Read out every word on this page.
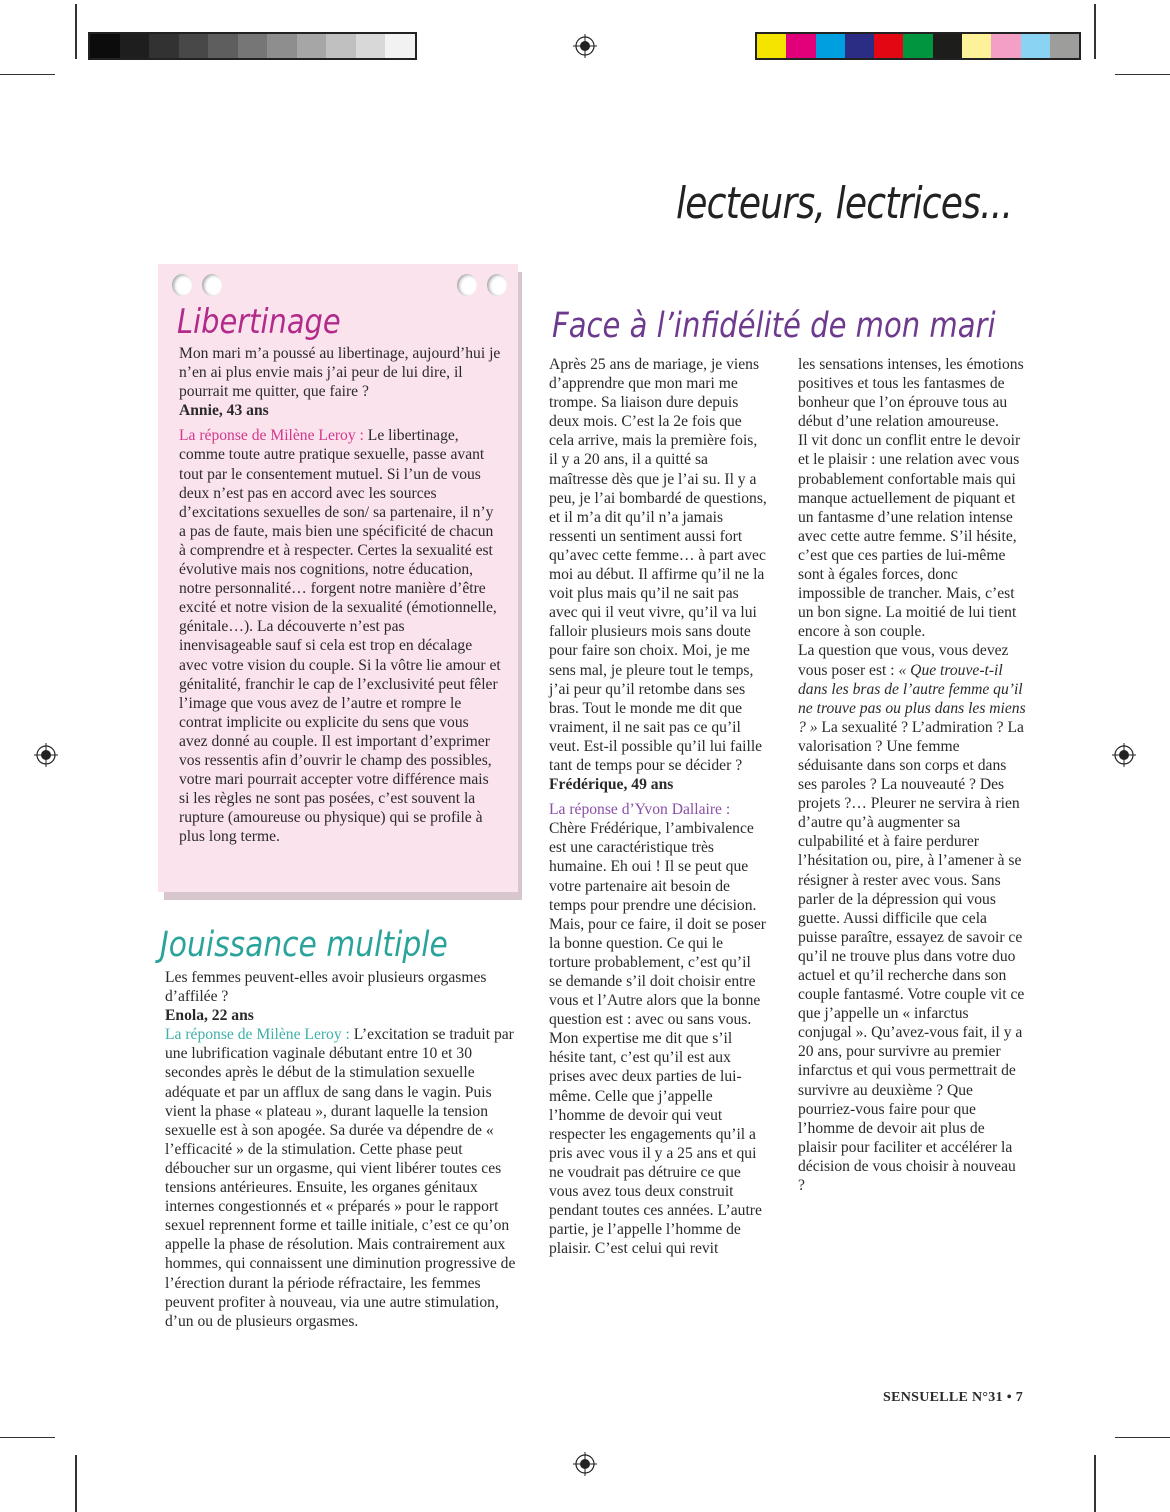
lecteurs, lectrices...
Libertinage

Mon mari m’a poussé au libertinage, aujourd’hui je n’en ai plus envie mais j’ai peur de lui dire, il pourrait me quitter, que faire ?

Annie, 43 ans

La réponse de Milène Leroy : Le libertinage, comme toute autre pratique sexuelle, passe avant tout par le consentement mutuel. Si l’un de vous deux n’est pas en accord avec les sources d’excitations sexuelles de son/ sa partenaire, il n’y a pas de faute, mais bien une spécificité de chacun à comprendre et à respecter. Certes la sexualité est évolutive mais nos cognitions, notre éducation, notre personnalité… forgent notre manière d’être excité et notre vision de la sexualité (émotionnelle, génitale…). La découverte n’est pas inenvisageable sauf si cela est trop en décalage avec votre vision du couple. Si la vôtre lie amour et génitalité, franchir le cap de l’exclusivité peut fêler l’image que vous avez de l’autre et rompre le contrat implicite ou explicite du sens que vous avez donné au couple. Il est important d’exprimer vos ressentis afin d’ouvrir le champ des possibles, votre mari pourrait accepter votre différence mais si les règles ne sont pas posées, c’est souvent la rupture (amoureuse ou physique) qui se profile à plus long terme.

Jouissance multiple

Les femmes peuvent-elles avoir plusieurs orgasmes d’affilée ?

Enola, 22 ans

La réponse de Milène Leroy : L’excitation se traduit par une lubrification vaginale débutant entre 10 et 30 secondes après le début de la stimulation sexuelle adéquate et par un afflux de sang dans le vagin. Puis vient la phase « plateau », durant laquelle la tension sexuelle est à son apogée. Sa durée va dépendre de « l’efficacité » de la stimulation. Cette phase peut déboucher sur un orgasme, qui vient libérer toutes ces tensions antérieures. Ensuite, les organes génitaux internes congestionnés et « préparés » pour le rapport sexuel reprennent forme et taille initiale, c’est ce qu’on appelle la phase de résolution. Mais contrairement aux hommes, qui connaissent une diminution progressive de l’érection durant la période réfractaire, les femmes peuvent profiter à nouveau, via une autre stimulation, d’un ou de plusieurs orgasmes.

Face à l’infidélité de mon mari

Après 25 ans de mariage, je viens d’apprendre que mon mari me trompe. Sa liaison dure depuis deux mois. C’est la 2e fois que cela arrive, mais la première fois, il y a 20 ans, il a quitté sa maîtresse dès que je l’ai su. Il y a peu, je l’ai bombardé de questions, et il m’a dit qu’il n’a jamais ressenti un sentiment aussi fort qu’avec cette femme… à part avec moi au début. Il affirme qu’il ne la voit plus mais qu’il ne sait pas avec qui il veut vivre, qu’il va lui falloir plusieurs mois sans doute pour faire son choix. Moi, je me sens mal, je pleure tout le temps, j’ai peur qu’il retombe dans ses bras. Tout le monde me dit que vraiment, il ne sait pas ce qu’il veut. Est-il possible qu’il lui faille tant de temps pour se décider ?

Frédérique, 49 ans

La réponse d’Yvon Dallaire : Chère Frédérique, l’ambivalence est une caractéristique très humaine. Eh oui ! Il se peut que votre partenaire ait besoin de temps pour prendre une décision. Mais, pour ce faire, il doit se poser la bonne question. Ce qui le torture probablement, c’est qu’il se demande s’il doit choisir entre vous et l’Autre alors que la bonne question est : avec ou sans vous. Mon expertise me dit que s’il hésite tant, c’est qu’il est aux prises avec deux parties de lui-même. Celle que j’appelle l’homme de devoir qui veut respecter les engagements qu’il a pris avec vous il y a 25 ans et qui ne voudrait pas détruire ce que vous avez tous deux construit pendant toutes ces années. L’autre partie, je l’appelle l’homme de plaisir. C’est celui qui revit

les sensations intenses, les émotions positives et tous les fantasmes de bonheur que l’on éprouve tous au début d’une relation amoureuse.

Il vit donc un conflit entre le devoir et le plaisir : une relation avec vous probablement confortable mais qui manque actuellement de piquant et un fantasme d’une relation intense avec cette autre femme. S’il hésite, c’est que ces parties de lui-même sont à égales forces, donc impossible de trancher. Mais, c’est un bon signe. La moitié de lui tient encore à son couple.

La question que vous, vous devez vous poser est : « Que trouve-t-il dans les bras de l’autre femme qu’il ne trouve pas ou plus dans les miens ? » La sexualité ? L’admiration ? La valorisation ? Une femme séduisante dans son corps et dans ses paroles ? La nouveauté ? Des projets ?… Pleurer ne servira à rien d’autre qu’à augmenter sa culpabilité et à faire perdurer l’hésitation ou, pire, à l’amener à se résigner à rester avec vous. Sans parler de la dépression qui vous guette. Aussi difficile que cela puisse paraître, essayez de savoir ce qu’il ne trouve plus dans votre duo actuel et qu’il recherche dans son couple fantasmé. Votre couple vit ce que j’appelle un « infarctus conjugal ». Qu’avez-vous fait, il y a 20 ans, pour survivre au premier infarctus et qui vous permettrait de survivre au deuxième ? Que pourriez-vous faire pour que l’homme de devoir ait plus de plaisir pour faciliter et accélérer la décision de vous choisir à nouveau ?

SENSUELLE N°31 • 7
